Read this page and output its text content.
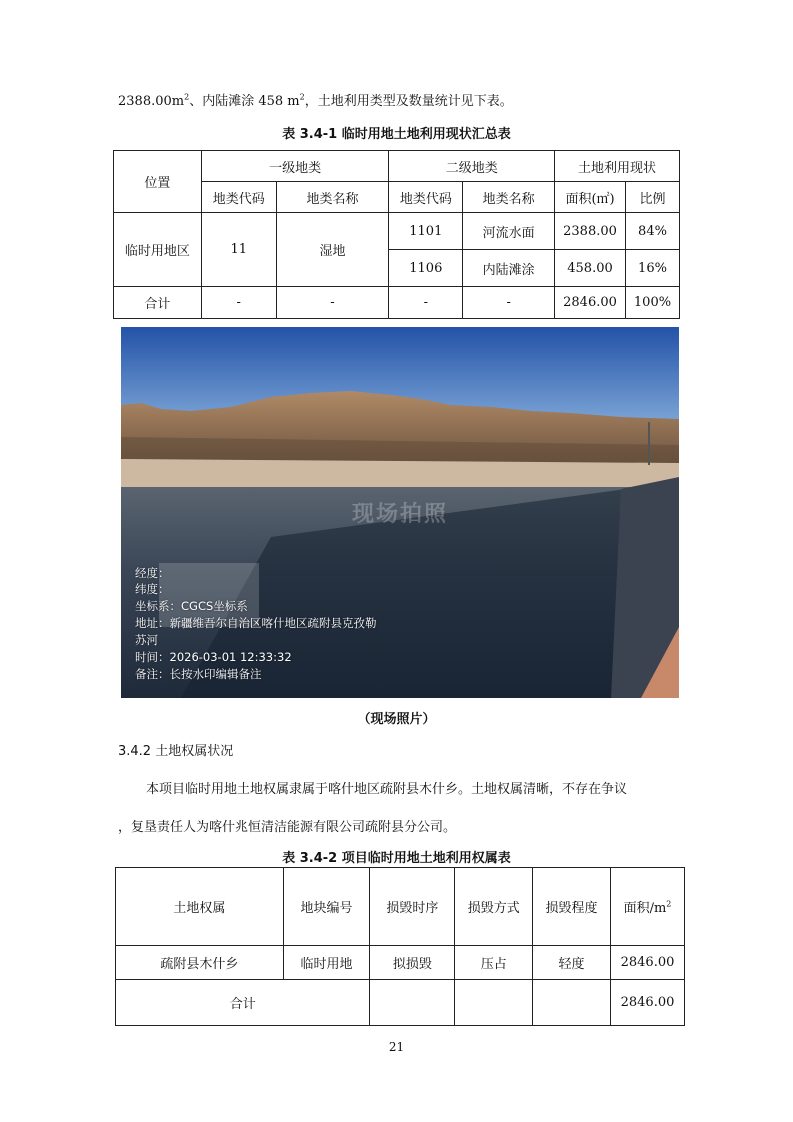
$2388.00m^2$、内陆滩涂 458 $m^2$，土地利用类型及数量统计见下表。
表 3.4-1 临时用地土地利用现状汇总表
位置	一级地类		二级地类		土地利用现状	
	地类代码	地类名称	地类代码	地类名称	面积(㎡)	比例
临时用地区	11	湿地	1101	河流水面	2388.00	84%
			1106	内陆滩涂	458.00	16%
合计	-	-	-	-	2846.00	100%
现场拍照
经度：
纬度：
坐标系：CGCS坐标系
地址：新疆维吾尔自治区喀什地区疏附县克孜勒
苏河
时间：2026-03-01 12:33:32
备注：长按水印编辑备注
（现场照片）
3.4.2 土地权属状况
本项目临时用地土地权属隶属于喀什地区疏附县木什乡。土地权属清晰，不存在争议
，复垦责任人为喀什兆恒清洁能源有限公司疏附县分公司。
表 3.4-2 项目临时用地土地利用权属表
土地权属	地块编号	损毁时序	损毁方式	损毁程度	面积$/m^2$
疏附县木什乡	临时用地	拟损毁	压占	轻度	2846.00
合计					2846.00
21
